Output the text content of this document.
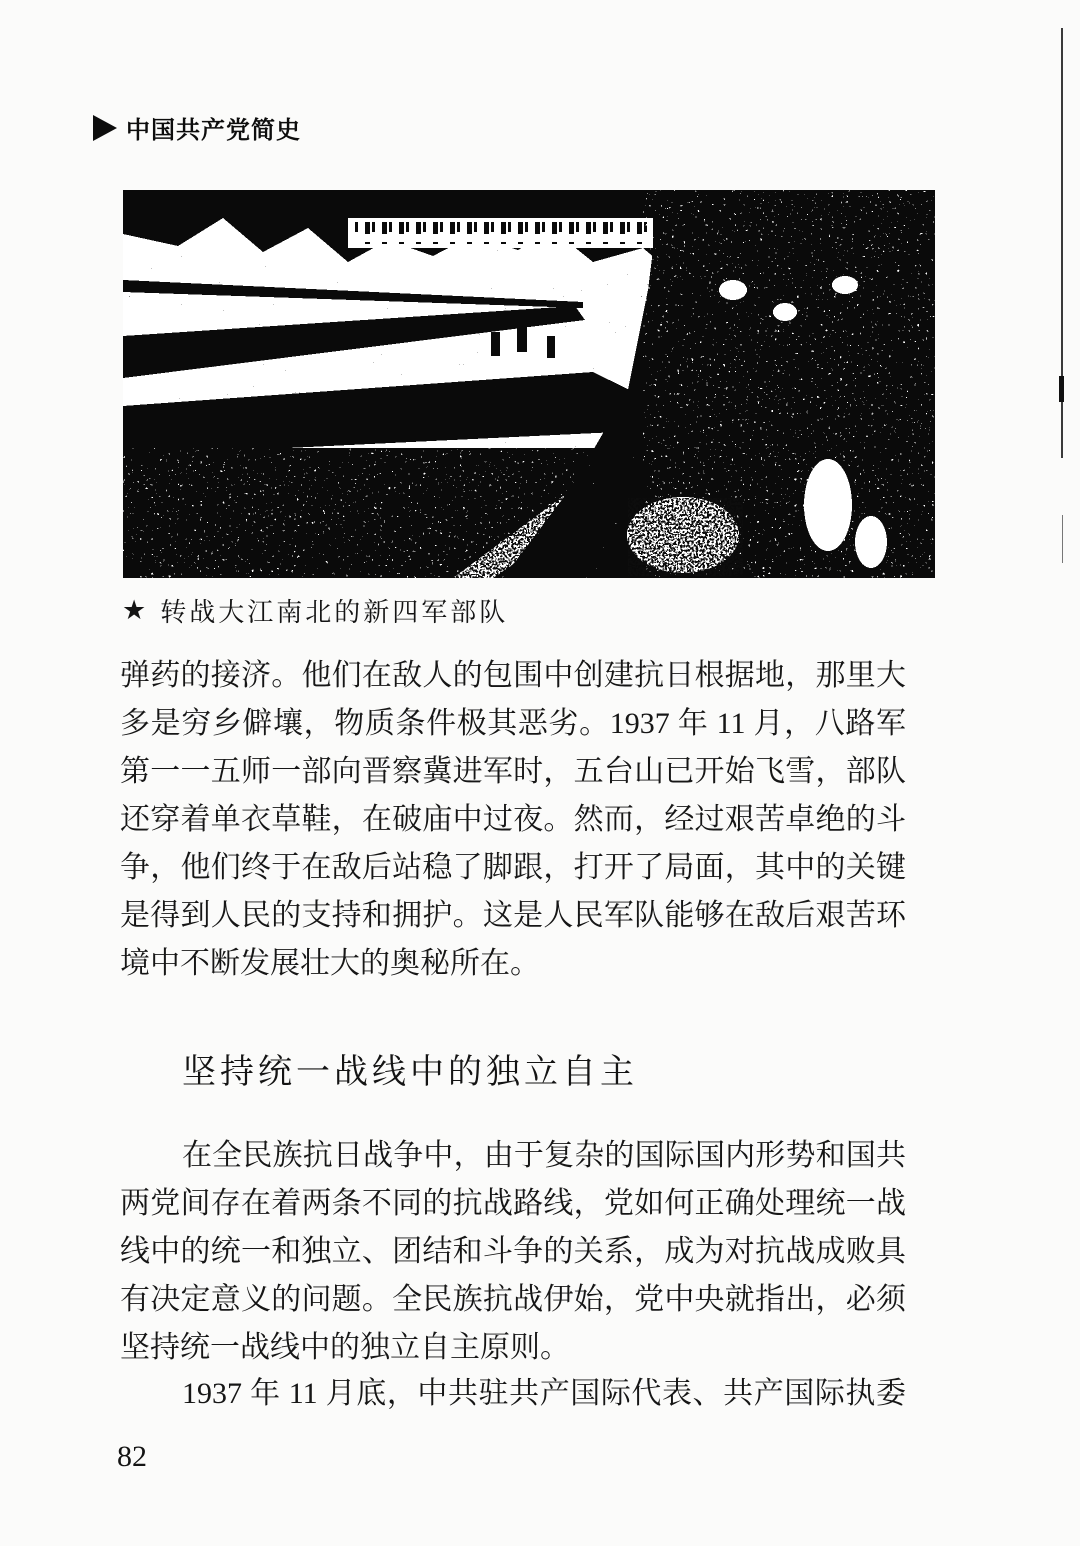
中国共产党简史
★ 转战大江南北的新四军部队
弹药的接济。他们在敌人的包围中创建抗日根据地，那里大
多是穷乡僻壤，物质条件极其恶劣。1937 年 11 月，八路军
第一一五师一部向晋察冀进军时，五台山已开始飞雪，部队
还穿着单衣草鞋，在破庙中过夜。然而，经过艰苦卓绝的斗
争，他们终于在敌后站稳了脚跟，打开了局面，其中的关键
是得到人民的支持和拥护。这是人民军队能够在敌后艰苦环
境中不断发展壮大的奥秘所在。
坚持统一战线中的独立自主
在全民族抗日战争中，由于复杂的国际国内形势和国共
两党间存在着两条不同的抗战路线，党如何正确处理统一战
线中的统一和独立、团结和斗争的关系，成为对抗战成败具
有决定意义的问题。全民族抗战伊始，党中央就指出，必须
坚持统一战线中的独立自主原则。
1937 年 11 月底，中共驻共产国际代表、共产国际执委
82
